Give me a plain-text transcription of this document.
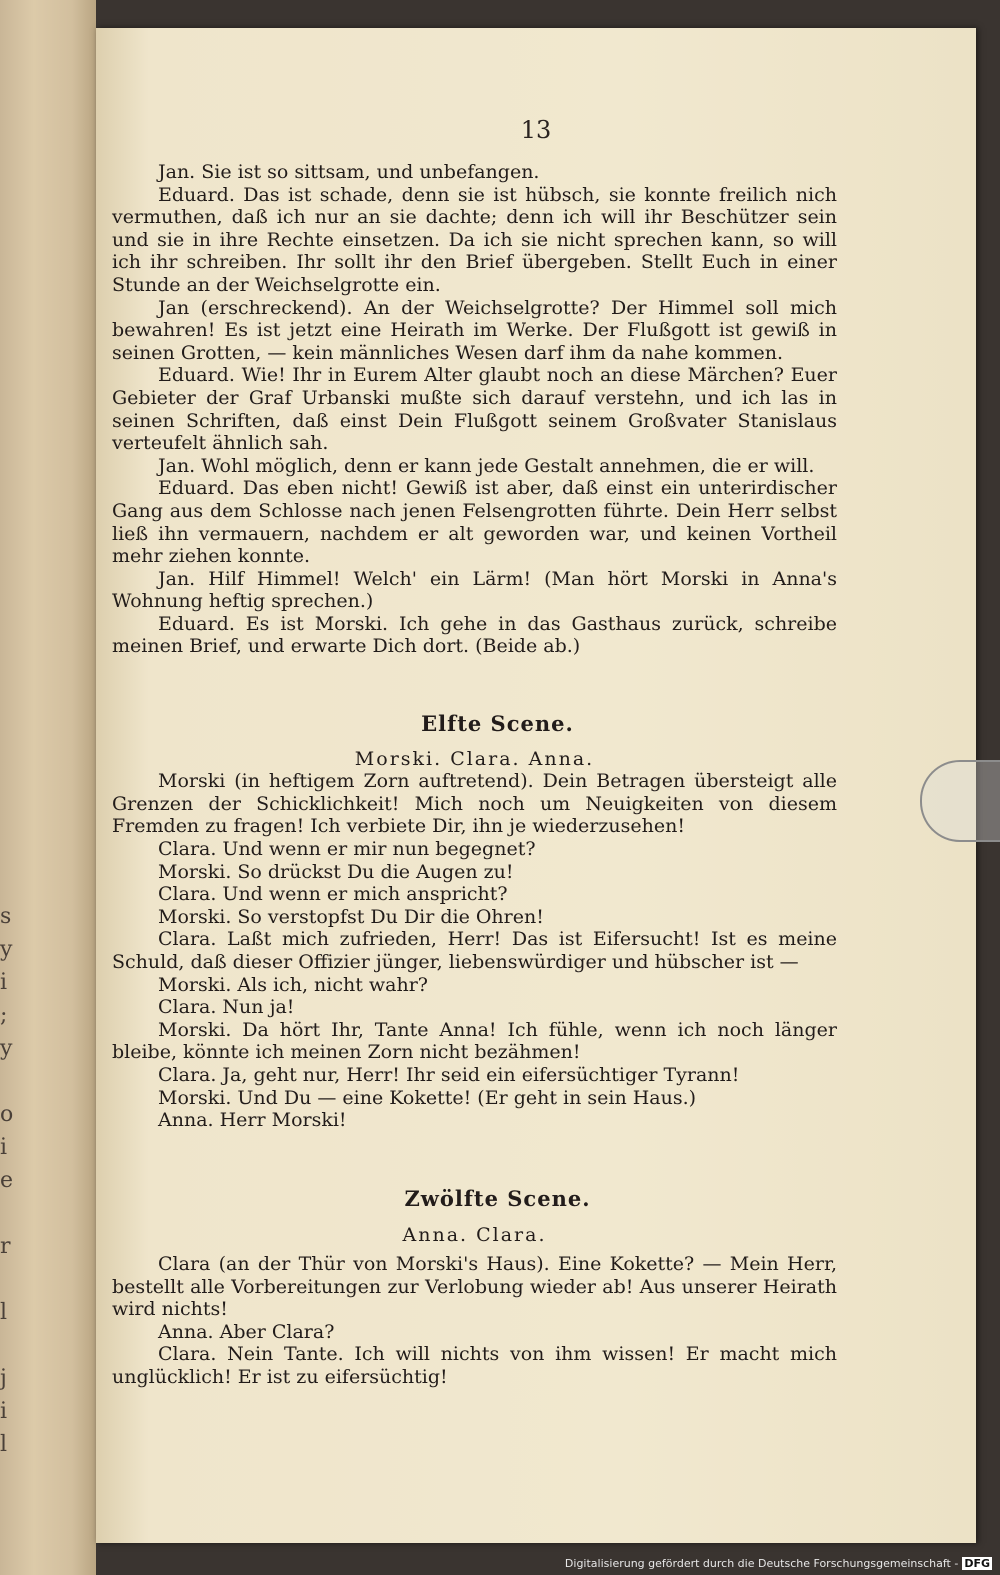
s
y
i
;
y

o
i
e

r

l

j
i
l
13

Jan. Sie ist so sittsam, und unbefangen.

Eduard. Das ist schade, denn sie ist hübsch, sie konnte freilich nich vermuthen, daß ich nur an sie dachte; denn ich will ihr Beschützer sein und sie in ihre Rechte einsetzen. Da ich sie nicht sprechen kann, so will ich ihr schreiben. Ihr sollt ihr den Brief übergeben. Stellt Euch in einer Stunde an der Weichselgrotte ein.

Jan (erschreckend). An der Weichselgrotte? Der Himmel soll mich bewahren! Es ist jetzt eine Heirath im Werke. Der Flußgott ist gewiß in seinen Grotten, — kein männliches Wesen darf ihm da nahe kommen.

Eduard. Wie! Ihr in Eurem Alter glaubt noch an diese Märchen? Euer Gebieter der Graf Urbanski mußte sich darauf verstehn, und ich las in seinen Schriften, daß einst Dein Flußgott seinem Großvater Stanislaus verteufelt ähnlich sah.

Jan. Wohl möglich, denn er kann jede Gestalt annehmen, die er will.

Eduard. Das eben nicht! Gewiß ist aber, daß einst ein unterirdischer Gang aus dem Schlosse nach jenen Felsengrotten führte. Dein Herr selbst ließ ihn vermauern, nachdem er alt geworden war, und keinen Vortheil mehr ziehen konnte.

Jan. Hilf Himmel! Welch' ein Lärm! (Man hört Morski in Anna's Wohnung heftig sprechen.)

Eduard. Es ist Morski. Ich gehe in das Gasthaus zurück, schreibe meinen Brief, und erwarte Dich dort. (Beide ab.)

Elfte Scene.

Morski. Clara. Anna.

Morski (in heftigem Zorn auftretend). Dein Betragen übersteigt alle Grenzen der Schicklichkeit! Mich noch um Neuigkeiten von diesem Fremden zu fragen! Ich verbiete Dir, ihn je wiederzusehen!

Clara. Und wenn er mir nun begegnet?

Morski. So drückst Du die Augen zu!

Clara. Und wenn er mich anspricht?

Morski. So verstopfst Du Dir die Ohren!

Clara. Laßt mich zufrieden, Herr! Das ist Eifersucht! Ist es meine Schuld, daß dieser Offizier jünger, liebenswürdiger und hübscher ist —

Morski. Als ich, nicht wahr?

Clara. Nun ja!

Morski. Da hört Ihr, Tante Anna! Ich fühle, wenn ich noch länger bleibe, könnte ich meinen Zorn nicht bezähmen!

Clara. Ja, geht nur, Herr! Ihr seid ein eifersüchtiger Tyrann!

Morski. Und Du — eine Kokette! (Er geht in sein Haus.)

Anna. Herr Morski!

Zwölfte Scene.

Anna. Clara.

Clara (an der Thür von Morski's Haus). Eine Kokette? — Mein Herr, bestellt alle Vorbereitungen zur Verlobung wieder ab! Aus unserer Heirath wird nichts!

Anna. Aber Clara?

Clara. Nein Tante. Ich will nichts von ihm wissen! Er macht mich unglücklich! Er ist zu eifersüchtig!

Digitalisierung gefördert durch die Deutsche Forschungsgemeinschaft - DFG
